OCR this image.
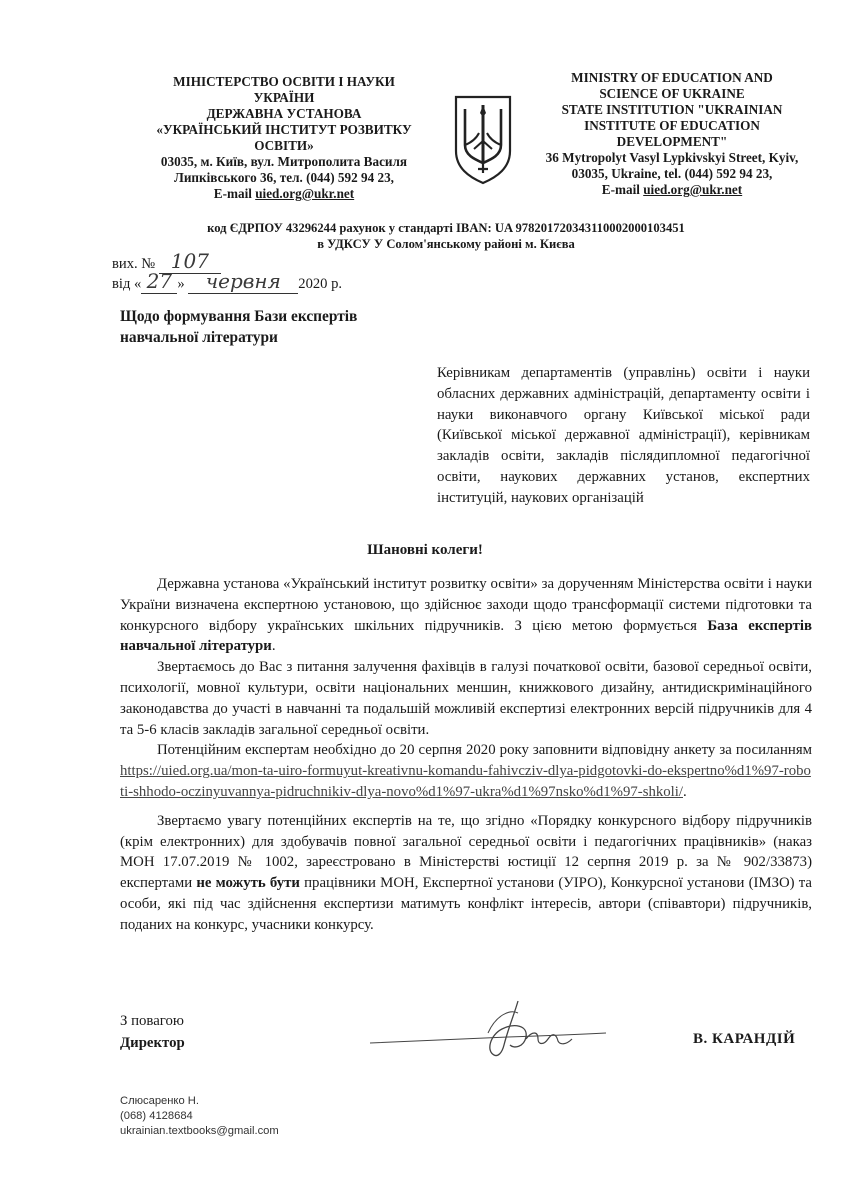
МІНІСТЕРСТВО ОСВІТИ І НАУКИ
УКРАЇНИ
ДЕРЖАВНА УСТАНОВА
«УКРАЇНСЬКИЙ ІНСТИТУТ РОЗВИТКУ
ОСВІТИ»
03035, м. Київ, вул. Митрополита Василя
Липківського 36, тел. (044) 592 94 23,
E-mail uied.org@ukr.net
MINISTRY OF EDUCATION AND
SCIENCE OF UKRAINE
STATE INSTITUTION "UKRAINIAN
INSTITUTE OF EDUCATION
DEVELOPMENT"
36 Mytropolyt Vasyl Lypkivskyi Street, Kyiv,
03035, Ukraine, tel. (044) 592 94 23,
E-mail uied.org@ukr.net
код ЄДРПОУ 43296244 рахунок у стандарті IBAN: UA 978201720343110002000103451
в УДКСУ У Солом'янському районі м. Києва
вих. № 107
від « 27 » червня 2020 р.
Щодо формування Бази експертів
навчальної літератури
Керівникам департаментів (управлінь) освіти і науки обласних державних адміністрацій, департаменту освіти і науки виконавчого органу Київської міської ради (Київської міської державної адміністрації), керівникам закладів освіти, закладів післядипломної педагогічної освіти, наукових державних установ, експертних інституцій, наукових організацій
Шановні колеги!

Державна установа «Український інститут розвитку освіти» за дорученням Міністерства освіти і науки України визначена експертною установою, що здійснює заходи щодо трансформації системи підготовки та конкурсного відбору українських шкільних підручників. З цією метою формується База експертів навчальної літератури.

Звертаємось до Вас з питання залучення фахівців в галузі початкової освіти, базової середньої освіти, психології, мовної культури, освіти національних меншин, книжкового дизайну, антидискримінаційного законодавства до участі в навчанні та подальшій можливій експертизі електронних версій підручників для 4 та 5-6 класів закладів загальної середньої освіти.

Потенційним експертам необхідно до 20 серпня 2020 року заповнити відповідну анкету за посиланням https://uied.org.ua/mon-ta-uiro-formuyut-kreativnu-komandu-fahivcziv-dlya-pidgotovki-do-ekspertno%d1%97-roboti-shhodo-oczinyuvannya-pidruchnikiv-dlya-novo%d1%97-ukra%d1%97nsko%d1%97-shkoli/.

Звертаємо увагу потенційних експертів на те, що згідно «Порядку конкурсного відбору підручників (крім електронних) для здобувачів повної загальної середньої освіти і педагогічних працівників» (наказ МОН 17.07.2019 № 1002, зареєстровано в Міністерстві юстиції 12 серпня 2019 р. за № 902/33873) експертами не можуть бути працівники МОН, Експертної установи (УІРО), Конкурсної установи (ІМЗО) та особи, які під час здійснення експертизи матимуть конфлікт інтересів, автори (співавтори) підручників, поданих на конкурс, учасники конкурсу.

З повагою
Директор	В. КАРАНДІЙ
Слюсаренко Н.
(068) 4128684
ukrainian.textbooks@gmail.com
